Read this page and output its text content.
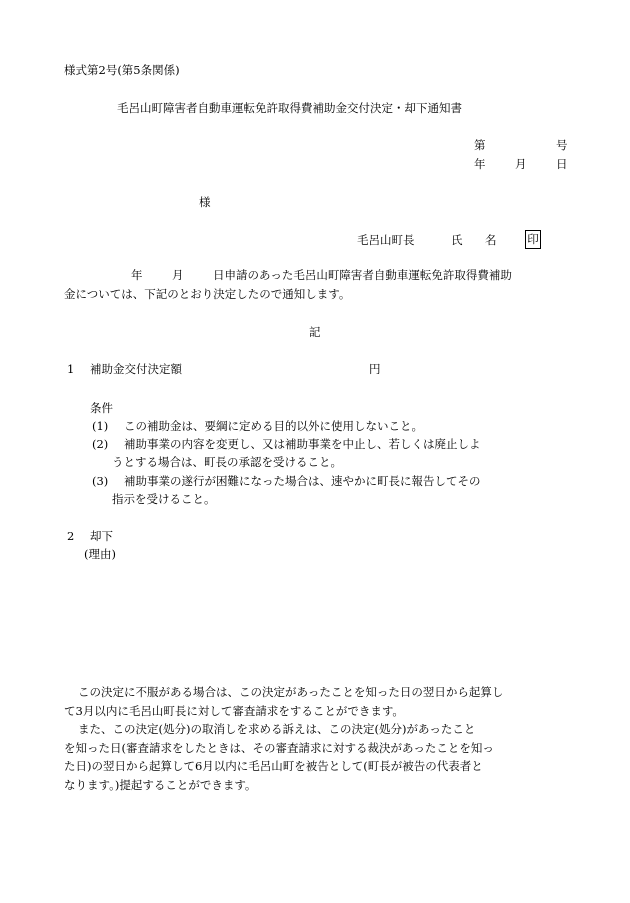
様式第2号(第5条関係)
毛呂山町障害者自動車運転免許取得費補助金交付決定・却下通知書
第	号
年	月	日
様
毛呂山町長	氏 名	印
年	月	日申請のあった毛呂山町障害者自動車運転免許取得費補助
金については、下記のとおり決定したので通知します。
記
1 補助金交付決定額	円
条件
(1) この補助金は、要綱に定める目的以外に使用しないこと。
(2) 補助事業の内容を変更し、又は補助事業を中止し、若しくは廃止しよ
うとする場合は、町長の承認を受けること。
(3) 補助事業の遂行が困難になった場合は、速やかに町長に報告してその
指示を受けること。
2 却下
(理由)
この決定に不服がある場合は、この決定があったことを知った日の翌日から起算し
て3月以内に毛呂山町長に対して審査請求をすることができます。
また、この決定(処分)の取消しを求める訴えは、この決定(処分)があったこと
を知った日(審査請求をしたときは、その審査請求に対する裁決があったことを知っ
た日)の翌日から起算して6月以内に毛呂山町を被告として(町長が被告の代表者と
なります。)提起することができます。
